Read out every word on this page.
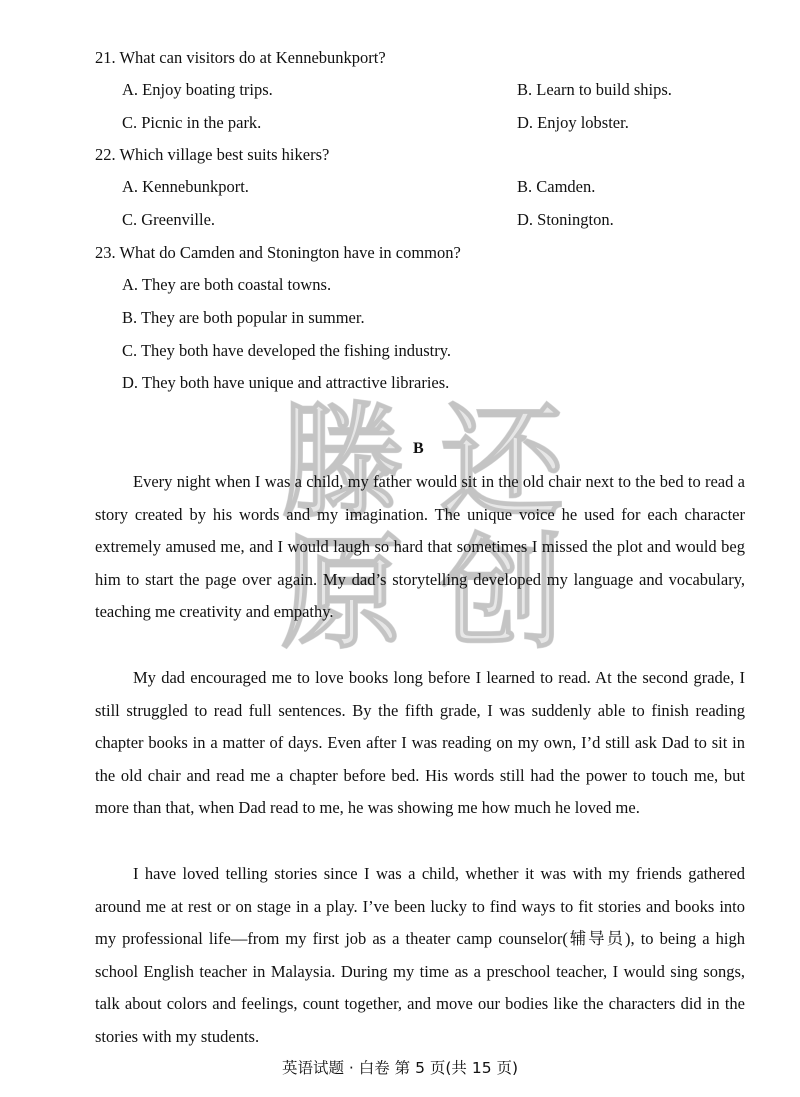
滕 还
原 创
21. What can visitors do at Kennebunkport?
A. Enjoy boating trips.	B. Learn to build ships.
C. Picnic in the park.	D. Enjoy lobster.
22. Which village best suits hikers?
A. Kennebunkport.	B. Camden.
C. Greenville.	D. Stonington.
23. What do Camden and Stonington have in common?
A. They are both coastal towns.
B. They are both popular in summer.
C. They both have developed the fishing industry.
D. They both have unique and attractive libraries.
B

Every night when I was a child, my father would sit in the old chair next to the bed to read a story created by his words and my imagination. The unique voice he used for each character extremely amused me, and I would laugh so hard that sometimes I missed the plot and would beg him to start the page over again. My dad’s storytelling developed my language and vocabulary, teaching me creativity and empathy.

My dad encouraged me to love books long before I learned to read. At the second grade, I still struggled to read full sentences. By the fifth grade, I was suddenly able to finish reading chapter books in a matter of days. Even after I was reading on my own, I’d still ask Dad to sit in the old chair and read me a chapter before bed. His words still had the power to touch me, but more than that, when Dad read to me, he was showing me how much he loved me.

I have loved telling stories since I was a child, whether it was with my friends gathered around me at rest or on stage in a play. I’ve been lucky to find ways to fit stories and books into my professional life—from my first job as a theater camp counselor(辅导员), to being a high school English teacher in Malaysia. During my time as a preschool teacher, I would sing songs, talk about colors and feelings, count together, and move our bodies like the characters did in the stories with my students.

英语试题 · 白卷 第 5 页(共 15 页)
